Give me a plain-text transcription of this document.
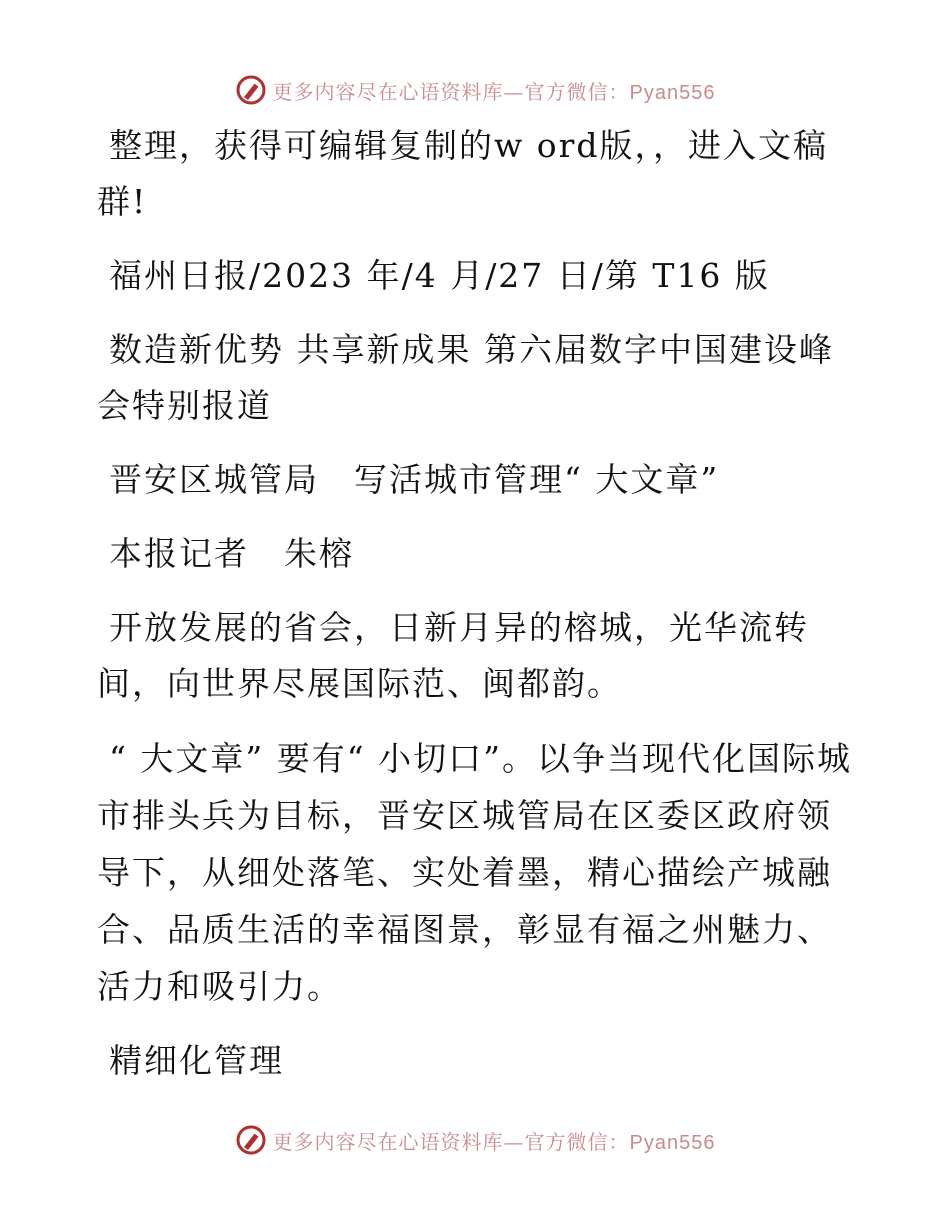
更多内容尽在心语资料库—官方微信：Pyan556

整理，获得可编辑复制的w ord版，，进入文稿群!

福州日报/2023 年/4 月/27 日/第 T16 版

数造新优势 共享新成果 第六届数字中国建设峰会特别报道

晋安区城管局　写活城市管理“ 大文章”

本报记者　朱榕

开放发展的省会，日新月异的榕城，光华流转间，向世界尽展国际范、闽都韵。

“ 大文章” 要有“ 小切口”。以争当现代化国际城市排头兵为目标，晋安区城管局在区委区政府领导下，从细处落笔、实处着墨，精心描绘产城融合、品质生活的幸福图景，彰显有福之州魅力、活力和吸引力。

精细化管理

更多内容尽在心语资料库—官方微信：Pyan556
